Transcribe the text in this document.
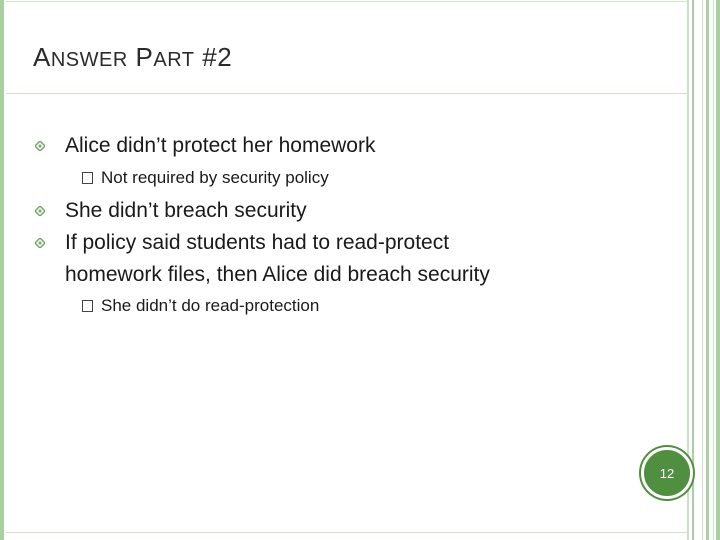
ANSWER PART #2
Alice didn’t protect her homework
Not required by security policy
She didn’t breach security
If policy said students had to read-protect
homework files, then Alice did breach security
She didn’t do read-protection
12
